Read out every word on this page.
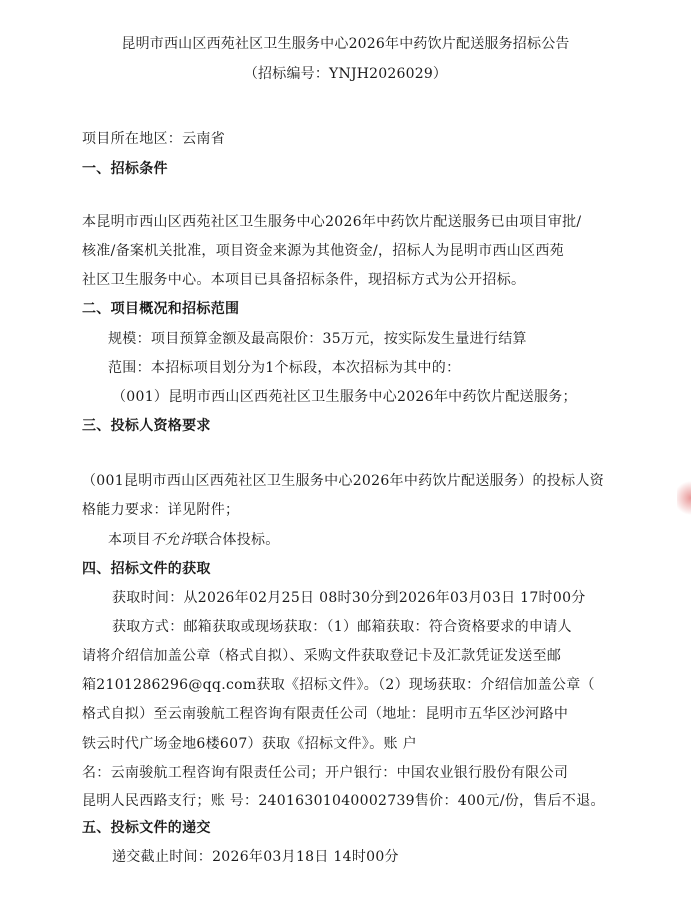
昆明市西山区西苑社区卫生服务中心2026年中药饮片配送服务招标公告
（招标编号：YNJH2026029）
项目所在地区：云南省
一、招标条件
本昆明市西山区西苑社区卫生服务中心2026年中药饮片配送服务已由项目审批/
核准/备案机关批准，项目资金来源为其他资金/，招标人为昆明市西山区西苑
社区卫生服务中心。本项目已具备招标条件，现招标方式为公开招标。
二、项目概况和招标范围
规模：项目预算金额及最高限价：35万元，按实际发生量进行结算
范围：本招标项目划分为1个标段，本次招标为其中的：
（001）昆明市西山区西苑社区卫生服务中心2026年中药饮片配送服务；
三、投标人资格要求
（001昆明市西山区西苑社区卫生服务中心2026年中药饮片配送服务）的投标人资
格能力要求：详见附件；
本项目不允许联合体投标。
四、招标文件的获取
获取时间：从2026年02月25日 08时30分到2026年03月03日 17时00分
获取方式：邮箱获取或现场获取：（1）邮箱获取：符合资格要求的申请人
请将介绍信加盖公章（格式自拟）、采购文件获取登记卡及汇款凭证发送至邮
箱2101286296@qq.com获取《招标文件》。（2）现场获取：介绍信加盖公章（
格式自拟）至云南骏航工程咨询有限责任公司（地址：昆明市五华区沙河路中
铁云时代广场金地6楼607）获取《招标文件》。账 户
名：云南骏航工程咨询有限责任公司；开户银行：中国农业银行股份有限公司
昆明人民西路支行；账 号：24016301040002739售价：400元/份，售后不退。
五、投标文件的递交
递交截止时间：2026年03月18日 14时00分
